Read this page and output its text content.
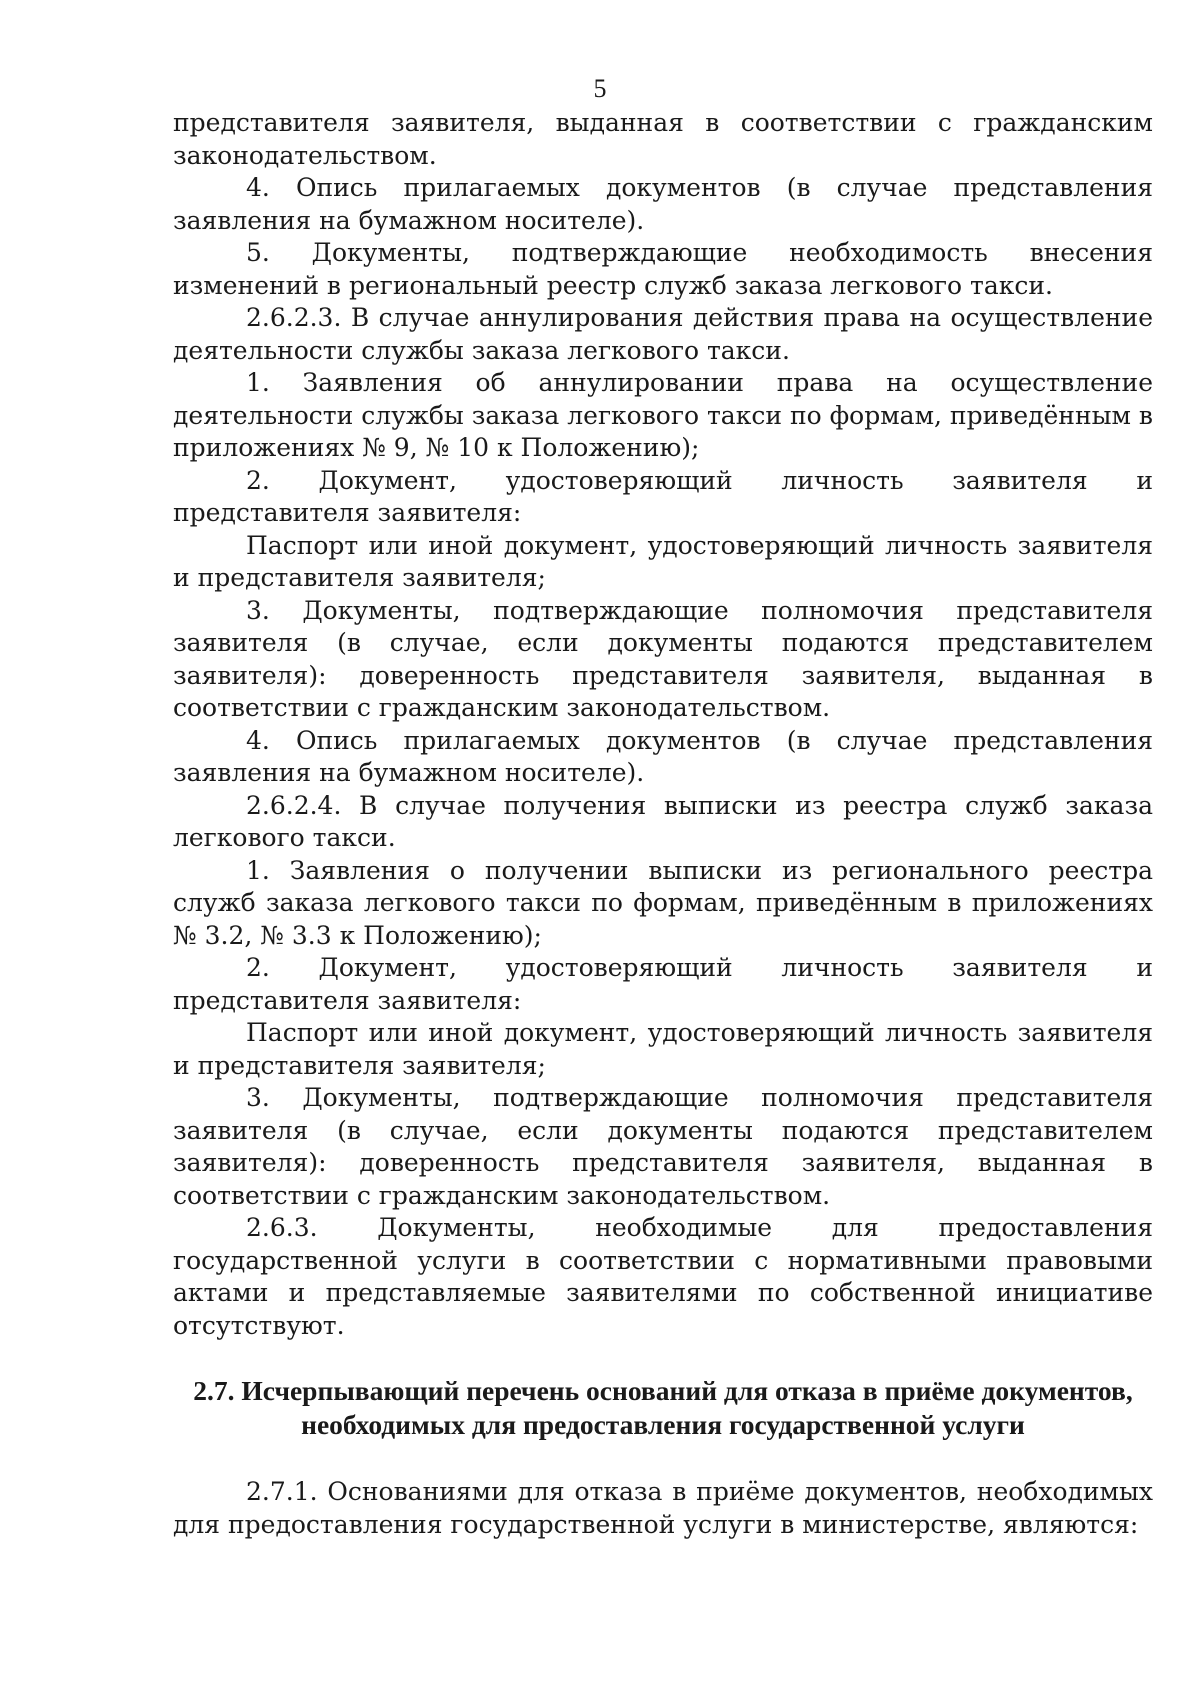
5

представителя заявителя, выданная в соответствии с гражданским законодательством.

4. Опись прилагаемых документов (в случае представления заявления на бумажном носителе).

5. Документы, подтверждающие необходимость внесения изменений в региональный реестр служб заказа легкового такси.

2.6.2.3. В случае аннулирования действия права на осуществление деятельности службы заказа легкового такси.

1. Заявления об аннулировании права на осуществление деятельности службы заказа легкового такси по формам, приведённым в приложениях № 9, № 10 к Положению);

2. Документ, удостоверяющий личность заявителя и представителя заявителя:

Паспорт или иной документ, удостоверяющий личность заявителя и представителя заявителя;

3. Документы, подтверждающие полномочия представителя заявителя (в случае, если документы подаются представителем заявителя): доверенность представителя заявителя, выданная в соответствии с гражданским законодательством.

4. Опись прилагаемых документов (в случае представления заявления на бумажном носителе).

2.6.2.4. В случае получения выписки из реестра служб заказа легкового такси.

1. Заявления о получении выписки из регионального реестра служб заказа легкового такси по формам, приведённым в приложениях № 3.2, № 3.3 к Положению);

2. Документ, удостоверяющий личность заявителя и представителя заявителя:

Паспорт или иной документ, удостоверяющий личность заявителя и представителя заявителя;

3. Документы, подтверждающие полномочия представителя заявителя (в случае, если документы подаются представителем заявителя): доверенность представителя заявителя, выданная в соответствии с гражданским законодательством.

2.6.3. Документы, необходимые для предоставления государственной услуги в соответствии с нормативными правовыми актами и представляемые заявителями по собственной инициативе отсутствуют.

2.7. Исчерпывающий перечень оснований для отказа в приёме документов, необходимых для предоставления государственной услуги

2.7.1. Основаниями для отказа в приёме документов, необходимых для предоставления государственной услуги в министерстве, являются:
